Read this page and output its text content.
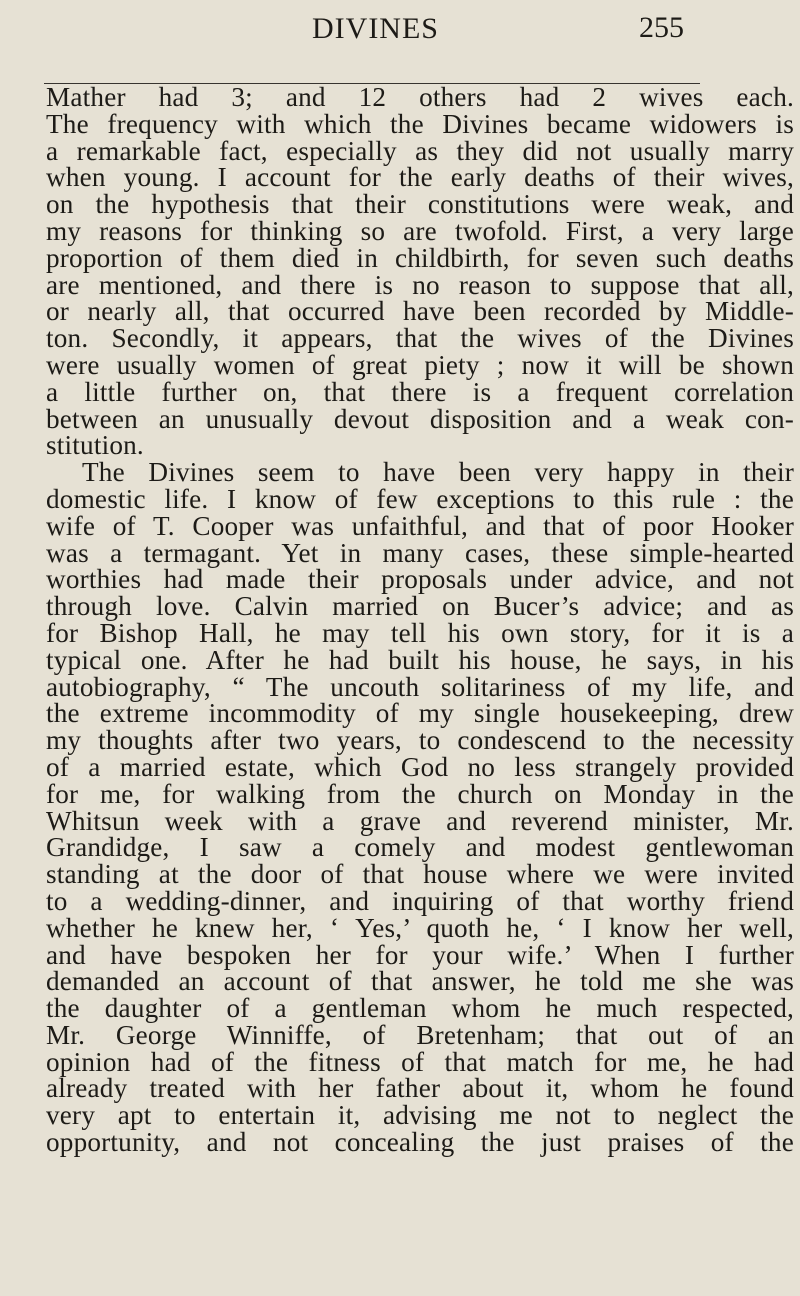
DIVINES	255
Mather had 3; and 12 others had 2 wives each.
The frequency with which the Divines became widowers is
a remarkable fact, especially as they did not usually marry
when young. I account for the early deaths of their wives,
on the hypothesis that their constitutions were weak, and
my reasons for thinking so are twofold. First, a very large
proportion of them died in childbirth, for seven such deaths
are mentioned, and there is no reason to suppose that all,
or nearly all, that occurred have been recorded by Middle-
ton. Secondly, it appears, that the wives of the Divines
were usually women of great piety ; now it will be shown
a little further on, that there is a frequent correlation
between an unusually devout disposition and a weak con-
stitution.
The Divines seem to have been very happy in their
domestic life. I know of few exceptions to this rule : the
wife of T. Cooper was unfaithful, and that of poor Hooker
was a termagant. Yet in many cases, these simple-hearted
worthies had made their proposals under advice, and not
through love. Calvin married on Bucer’s advice; and as
for Bishop Hall, he may tell his own story, for it is a
typical one. After he had built his house, he says, in his
autobiography, “ The uncouth solitariness of my life, and
the extreme incommodity of my single housekeeping, drew
my thoughts after two years, to condescend to the necessity
of a married estate, which God no less strangely provided
for me, for walking from the church on Monday in the
Whitsun week with a grave and reverend minister, Mr.
Grandidge, I saw a comely and modest gentlewoman
standing at the door of that house where we were invited
to a wedding-dinner, and inquiring of that worthy friend
whether he knew her, ‘ Yes,’ quoth he, ‘ I know her well,
and have bespoken her for your wife.’ When I further
demanded an account of that answer, he told me she was
the daughter of a gentleman whom he much respected,
Mr. George Winniffe, of Bretenham; that out of an
opinion had of the fitness of that match for me, he had
already treated with her father about it, whom he found
very apt to entertain it, advising me not to neglect the
opportunity, and not concealing the just praises of the
